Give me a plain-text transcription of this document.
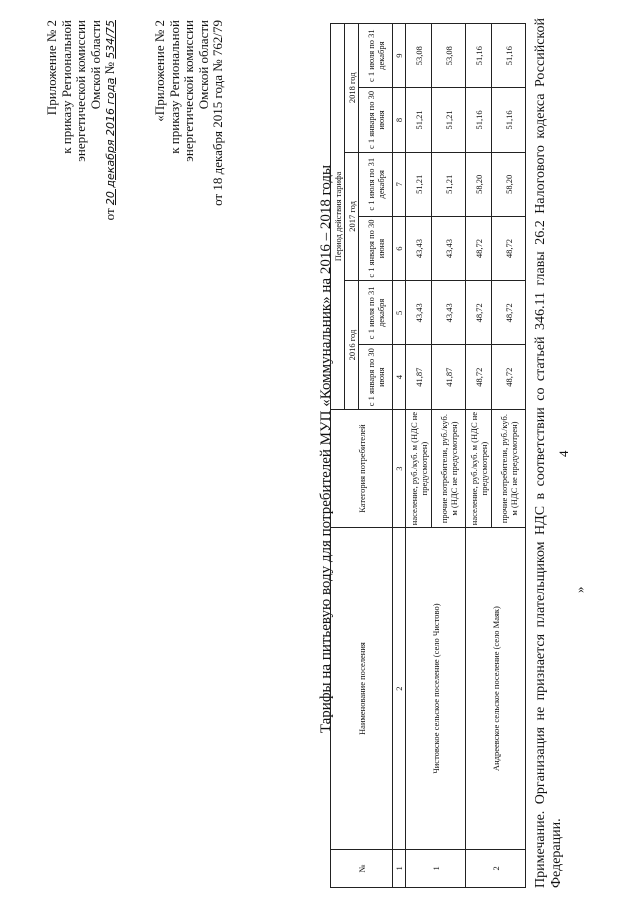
4
Приложение № 2 к приказу Региональной энергетической комиссии Омской области
от 20 декабря 2016 года № 534/75	«Приложение № 2 к приказу Региональной энергетической комиссии Омской области от 18 декабря 2015 года № 762/79
Тарифы на питьевую воду для потребителей МУП «Коммунальник» на 2016 – 2018 годы
№	Наименование поселения	Категория потребителей	Период действия тарифа					
			2016 год		2017 год		2018 год	
			с 1 января по 30 июня	с 1 июля по 31 декабря	с 1 января по 30 июня	с 1 июля по 31 декабря	с 1 января по 30 июня	с 1 июля по 31 декабря
1	2	3	4	5	6	7	8	9
1	Чистовское сельское поселение (село Чистово)	население, руб./куб. м (НДС не предусмотрен)	41,87	43,43	43,43	51,21	51,21	53,08
		прочие потребители, руб./куб. м (НДС не предусмотрен)	41,87	43,43	43,43	51,21	51,21	53,08
2	Андреевское сельское поселение (село Маяк)	население, руб./куб. м (НДС не предусмотрен)	48,72	48,72	48,72	58,20	51,16	51,16
		прочие потребители, руб./куб. м (НДС не предусмотрен)	48,72	48,72	48,72	58,20	51,16	51,16 Примечание. Организация не признается плательщиком НДС в соответствии со статьей 346.11 главы 26.2 Налогового кодекса Российской Федерации.
»
